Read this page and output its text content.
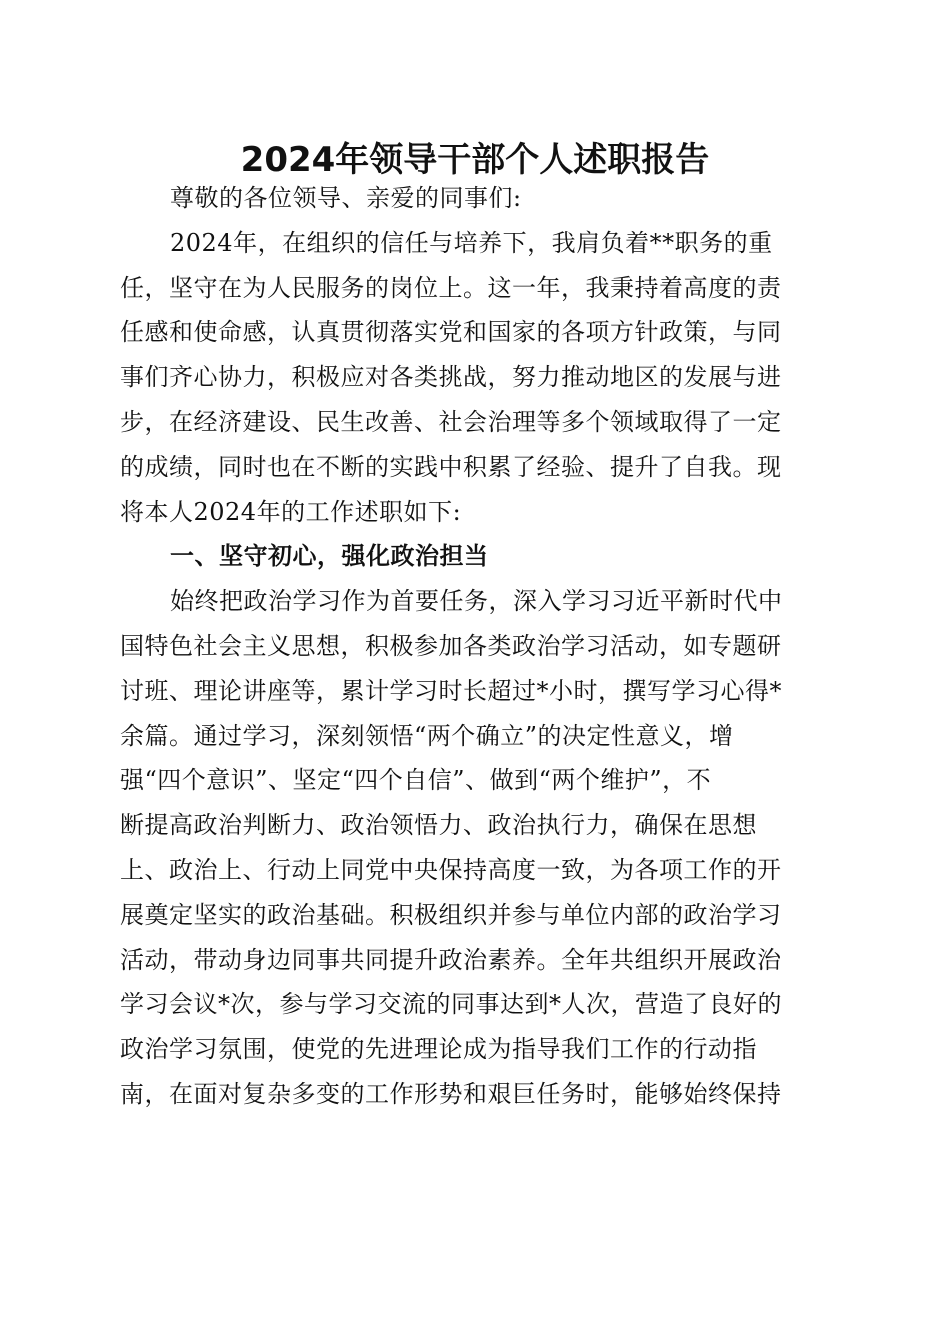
2024年领导干部个人述职报告
尊敬的各位领导、亲爱的同事们:
2024年，在组织的信任与培养下，我肩负着**职务的重
任，坚守在为人民服务的岗位上。这一年，我秉持着高度的责
任感和使命感，认真贯彻落实党和国家的各项方针政策，与同
事们齐心协力，积极应对各类挑战，努力推动地区的发展与进
步，在经济建设、民生改善、社会治理等多个领域取得了一定
的成绩，同时也在不断的实践中积累了经验、提升了自我。现
将本人2024年的工作述职如下:
一、坚守初心，强化政治担当
始终把政治学习作为首要任务，深入学习习近平新时代中
国特色社会主义思想，积极参加各类政治学习活动，如专题研
讨班、理论讲座等，累计学习时长超过*小时，撰写学习心得*
余篇。通过学习，深刻领悟“两个确立”的决定性意义，增
强“四个意识”、坚定“四个自信”、做到“两个维护”，不
断提高政治判断力、政治领悟力、政治执行力，确保在思想
上、政治上、行动上同党中央保持高度一致，为各项工作的开
展奠定坚实的政治基础。积极组织并参与单位内部的政治学习
活动，带动身边同事共同提升政治素养。全年共组织开展政治
学习会议*次，参与学习交流的同事达到*人次，营造了良好的
政治学习氛围，使党的先进理论成为指导我们工作的行动指
南，在面对复杂多变的工作形势和艰巨任务时，能够始终保持
